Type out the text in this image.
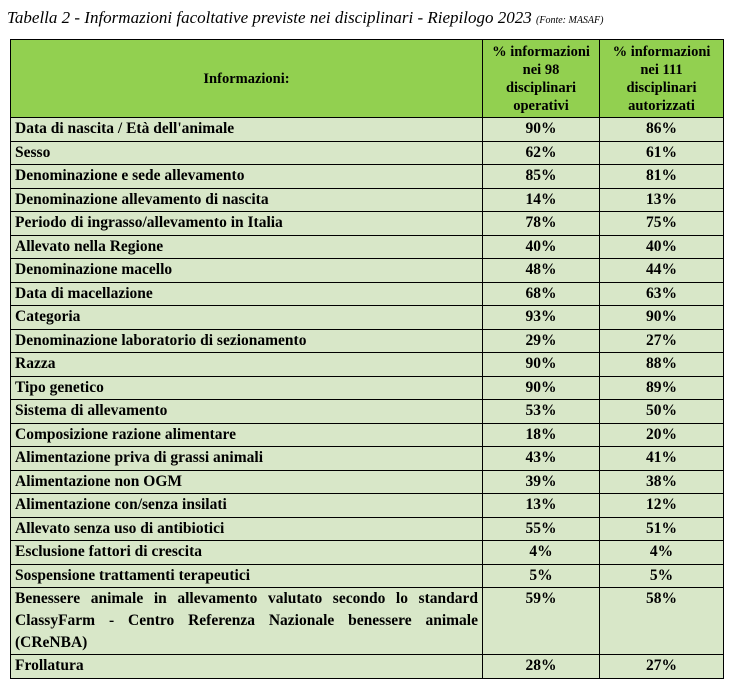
Tabella 2 - Informazioni facoltative previste nei disciplinari - Riepilogo 2023 (Fonte: MASAF)
Informazioni:	% informazioni nei 98 disciplinari operativi	% informazioni nei 111 disciplinari autorizzati
Data di nascita / Età dell'animale	90%	86%
Sesso	62%	61%
Denominazione e sede allevamento	85%	81%
Denominazione allevamento di nascita	14%	13%
Periodo di ingrasso/allevamento in Italia	78%	75%
Allevato nella Regione	40%	40%
Denominazione macello	48%	44%
Data di macellazione	68%	63%
Categoria	93%	90%
Denominazione laboratorio di sezionamento	29%	27%
Razza	90%	88%
Tipo genetico	90%	89%
Sistema di allevamento	53%	50%
Composizione razione alimentare	18%	20%
Alimentazione priva di grassi animali	43%	41%
Alimentazione non OGM	39%	38%
Alimentazione con/senza insilati	13%	12%
Allevato senza uso di antibiotici	55%	51%
Esclusione fattori di crescita	4%	4%
Sospensione trattamenti terapeutici	5%	5%
Benessere animale in allevamento valutato secondo lo standard ClassyFarm - Centro Referenza Nazionale benessere animale (CReNBA)	59%	58%
Frollatura	28%	27%
